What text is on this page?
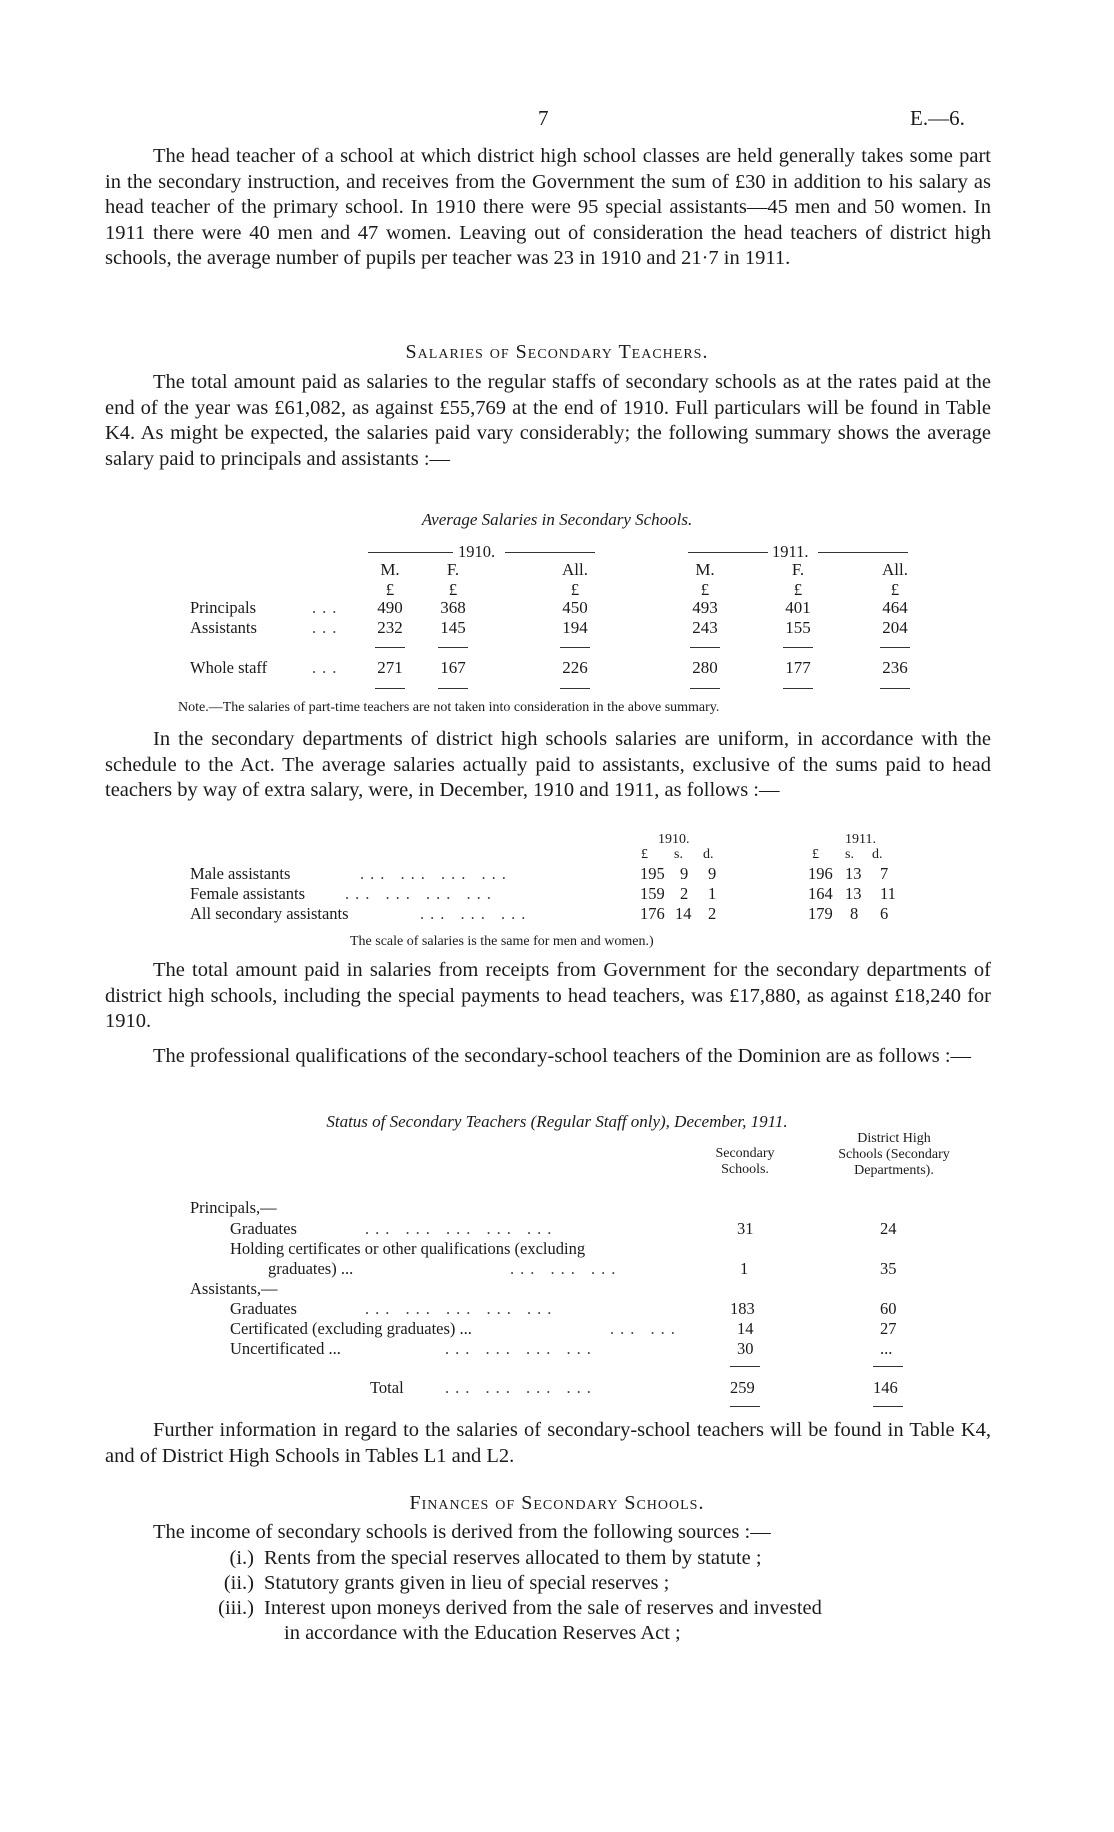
7	E.—6.

The head teacher of a school at which district high school classes are held generally takes some part in the secondary instruction, and receives from the Government the sum of £30 in addition to his salary as head teacher of the primary school. In 1910 there were 95 special assistants—45 men and 50 women. In 1911 there were 40 men and 47 women. Leaving out of consideration the head teachers of district high schools, the average number of pupils per teacher was 23 in 1910 and 21·7 in 1911.

Salaries of Secondary Teachers.

The total amount paid as salaries to the regular staffs of secondary schools as at the rates paid at the end of the year was £61,082, as against £55,769 at the end of 1910. Full particulars will be found in Table K4. As might be expected, the salaries paid vary considerably; the following summary shows the average salary paid to principals and assistants :—

Average Salaries in Secondary Schools.
1910.	1911.
M.	F.	All.	M.	F.	All.
£	£	£	£	£	£
Principals	...	490	368	450	493	401	464
Assistants	...	232	145	194	243	155	204
Whole staff	...	271	167	226	280	177	236
Note.—The salaries of part-time teachers are not taken into consideration in the above summary.

In the secondary departments of district high schools salaries are uniform, in accordance with the schedule to the Act. The average salaries actually paid to assistants, exclusive of the sums paid to head teachers by way of extra salary, were, in December, 1910 and 1911, as follows :—

1910.	1911.
£ s. d.	£ s. d.
Male assistants	... ... ... ...	195 9 9	196 13 7
Female assistants ... ... ... ...	159 2 1	164 13 11
All secondary assistants	... ... ...	176 14 2	179 8 6
The scale of salaries is the same for men and women.)

The total amount paid in salaries from receipts from Government for the secondary departments of district high schools, including the special payments to head teachers, was £17,880, as against £18,240 for 1910.

The professional qualifications of the secondary-school teachers of the Dominion are as follows :—

Status of Secondary Teachers (Regular Staff only), December, 1911.
Secondary Schools.
District High Schools (Secondary Departments).
Principals,—
Graduates	... ... ... ... ...	31	24
Holding certificates or other qualifications (excluding
graduates) ...	... ... ...	1	35
Assistants,—
Graduates	... ... ... ... ...	183	60
Certificated (excluding graduates) ...	... ...	14	27
Uncertificated ...	... ... ... ...	30	...
Total	... ... ... ...	259	146

Further information in regard to the salaries of secondary-school teachers will be found in Table K4, and of District High Schools in Tables L1 and L2.

Finances of Secondary Schools.
The income of secondary schools is derived from the following sources :—
(i.) Rents from the special reserves allocated to them by statute ;
(ii.) Statutory grants given in lieu of special reserves ;
(iii.) Interest upon moneys derived from the sale of reserves and invested
in accordance with the Education Reserves Act ;
